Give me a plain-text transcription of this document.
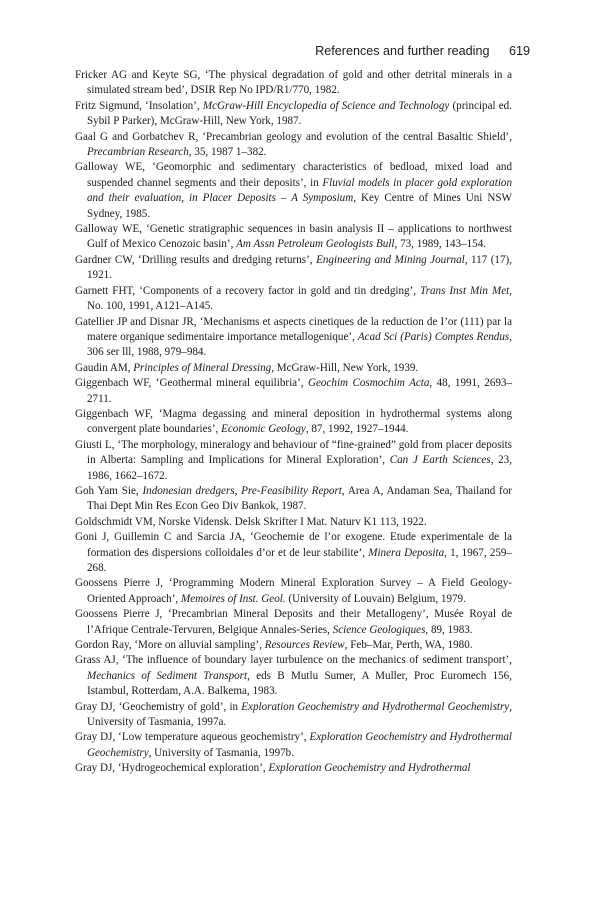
References and further reading 619

Fricker AG and Keyte SG, ‘The physical degradation of gold and other detrital minerals in a simulated stream bed’, DSIR Rep No IPD/R1/770, 1982.

Fritz Sigmund, ‘Insolation’, McGraw-Hill Encyclopedia of Science and Technology (principal ed. Sybil P Parker), McGraw-Hill, New York, 1987.

Gaal G and Gorbatchev R, ‘Precambrian geology and evolution of the central Basaltic Shield’, Precambrian Research, 35, 1987 1–382.

Galloway WE, ‘Geomorphic and sedimentary characteristics of bedload, mixed load and suspended channel segments and their deposits’, in Fluvial models in placer gold exploration and their evaluation, in Placer Deposits – A Symposium, Key Centre of Mines Uni NSW Sydney, 1985.

Galloway WE, ‘Genetic stratigraphic sequences in basin analysis II – applications to northwest Gulf of Mexico Cenozoic basin’, Am Assn Petroleum Geologists Bull, 73, 1989, 143–154.

Gardner CW, ‘Drilling results and dredging returns’, Engineering and Mining Journal, 117 (17), 1921.

Garnett FHT, ‘Components of a recovery factor in gold and tin dredging’, Trans Inst Min Met, No. 100, 1991, A121–A145.

Gatellier JP and Disnar JR, ‘Mechanisms et aspects cinetiques de la reduction de I’or (111) par la matere organique sedimentaire importance metallogenique’, Acad Sci (Paris) Comptes Rendus, 306 ser lll, 1988, 979–984.

Gaudin AM, Principles of Mineral Dressing, McGraw-Hill, New York, 1939.

Giggenbach WF, ‘Geothermal mineral equilibria’, Geochim Cosmochim Acta, 48, 1991, 2693–2711.

Giggenbach WF, ‘Magma degassing and mineral deposition in hydrothermal systems along convergent plate boundaries’, Economic Geology, 87, 1992, 1927–1944.

Giusti L, ‘The morphology, mineralogy and behaviour of “fine-grained” gold from placer deposits in Alberta: Sampling and Implications for Mineral Exploration’, Can J Earth Sciences, 23, 1986, 1662–1672.

Goh Yam Sie, Indonesian dredgers, Pre-Feasibility Report, Area A, Andaman Sea, Thailand for Thai Dept Min Res Econ Geo Div Bankok, 1987.

Goldschmidt VM, Norske Vidensk. Delsk Skrifter I Mat. Naturv K1 113, 1922.

Goni J, Guillemin C and Sarcia JA, ‘Geochemie de l’or exogene. Etude experimentale de la formation des dispersions colloidales d’or et de leur stabilite’, Minera Deposita, 1, 1967, 259–268.

Goossens Pierre J, ‘Programming Modern Mineral Exploration Survey – A Field Geology-Oriented Approach’, Memoires of Inst. Geol. (University of Louvain) Belgium, 1979.

Goossens Pierre J, ‘Precambrian Mineral Deposits and their Metallogeny’, Musée Royal de l’Afrique Centrale-Tervuren, Belgique Annales-Series, Science Geologiques, 89, 1983.

Gordon Ray, ‘More on alluvial sampling’, Resources Review, Feb–Mar, Perth, WA, 1980.

Grass AJ, ‘The influence of boundary layer turbulence on the mechanics of sediment transport’, Mechanics of Sediment Transport, eds B Mutlu Sumer, A Muller, Proc Euromech 156, Istambul, Rotterdam, A.A. Balkema, 1983.

Gray DJ, ‘Geochemistry of gold’, in Exploration Geochemistry and Hydrothermal Geochemistry, University of Tasmania, 1997a.

Gray DJ, ‘Low temperature aqueous geochemistry’, Exploration Geochemistry and Hydrothermal Geochemistry, University of Tasmania, 1997b.

Gray DJ, ‘Hydrogeochemical exploration’, Exploration Geochemistry and Hydrothermal
